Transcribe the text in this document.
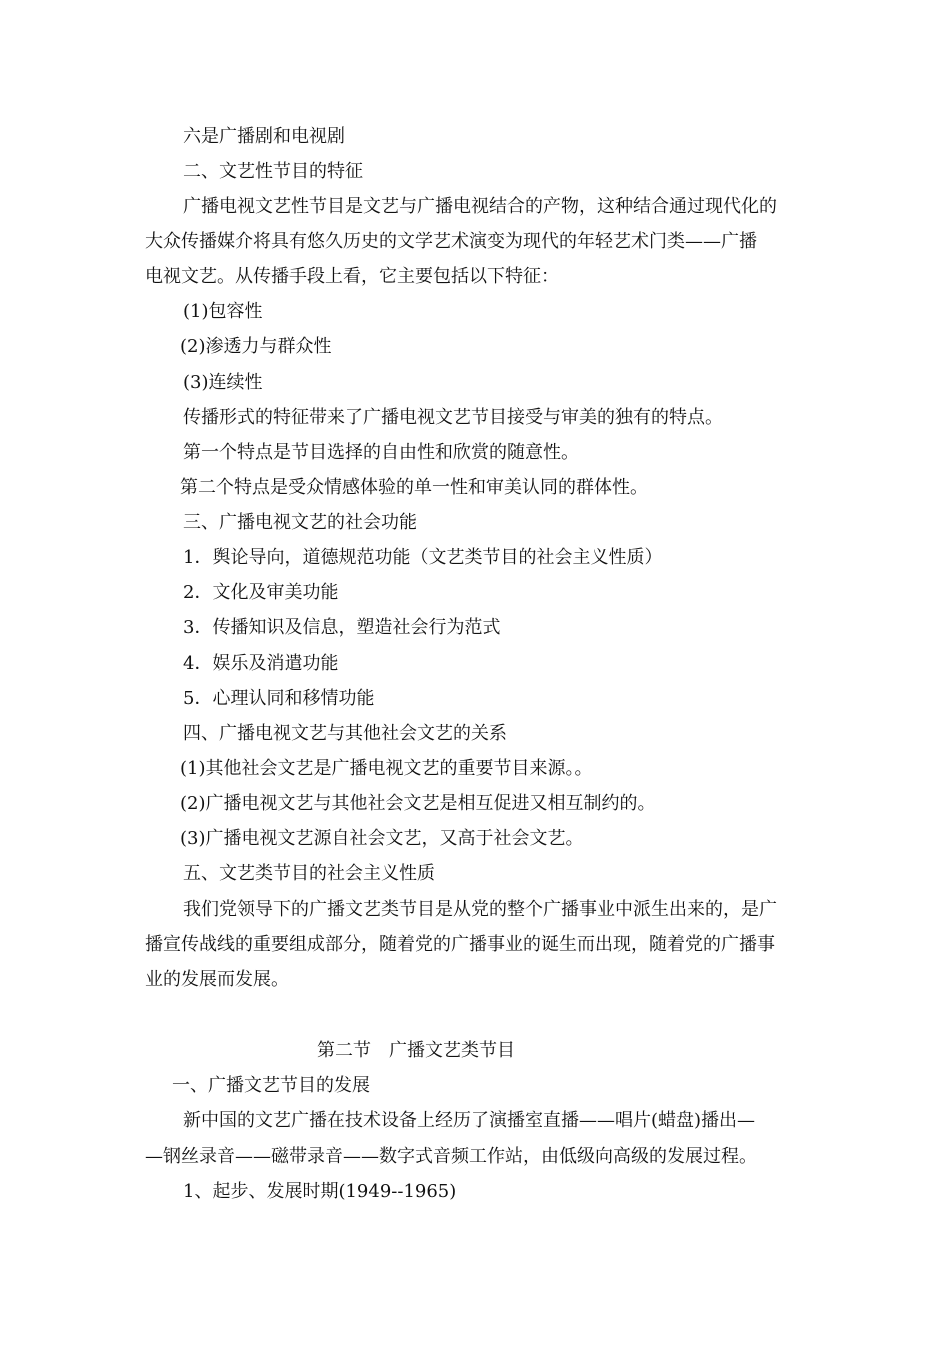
六是广播剧和电视剧
二、文艺性节目的特征
广播电视文艺性节目是文艺与广播电视结合的产物，这种结合通过现代化的
大众传播媒介将具有悠久历史的文学艺术演变为现代的年轻艺术门类——广播
电视文艺。从传播手段上看，它主要包括以下特征：
(1)包容性
(2)渗透力与群众性
(3)连续性
传播形式的特征带来了广播电视文艺节目接受与审美的独有的特点。
第一个特点是节目选择的自由性和欣赏的随意性。
第二个特点是受众情感体验的单一性和审美认同的群体性。
三、广播电视文艺的社会功能
1．舆论导向，道德规范功能（文艺类节目的社会主义性质）
2．文化及审美功能
3．传播知识及信息，塑造社会行为范式
4．娱乐及消遣功能
5．心理认同和移情功能
四、广播电视文艺与其他社会文艺的关系
(1)其他社会文艺是广播电视文艺的重要节目来源。。
(2)广播电视文艺与其他社会文艺是相互促进又相互制约的。
(3)广播电视文艺源自社会文艺，又高于社会文艺。
五、文艺类节目的社会主义性质
我们党领导下的广播文艺类节目是从党的整个广播事业中派生出来的，是广
播宣传战线的重要组成部分，随着党的广播事业的诞生而出现，随着党的广播事
业的发展而发展。
第二节　广播文艺类节目
一、广播文艺节目的发展
新中国的文艺广播在技术设备上经历了演播室直播——唱片(蜡盘)播出—
—钢丝录音——磁带录音——数字式音频工作站，由低级向高级的发展过程。
1、起步、发展时期(1949--1965)
